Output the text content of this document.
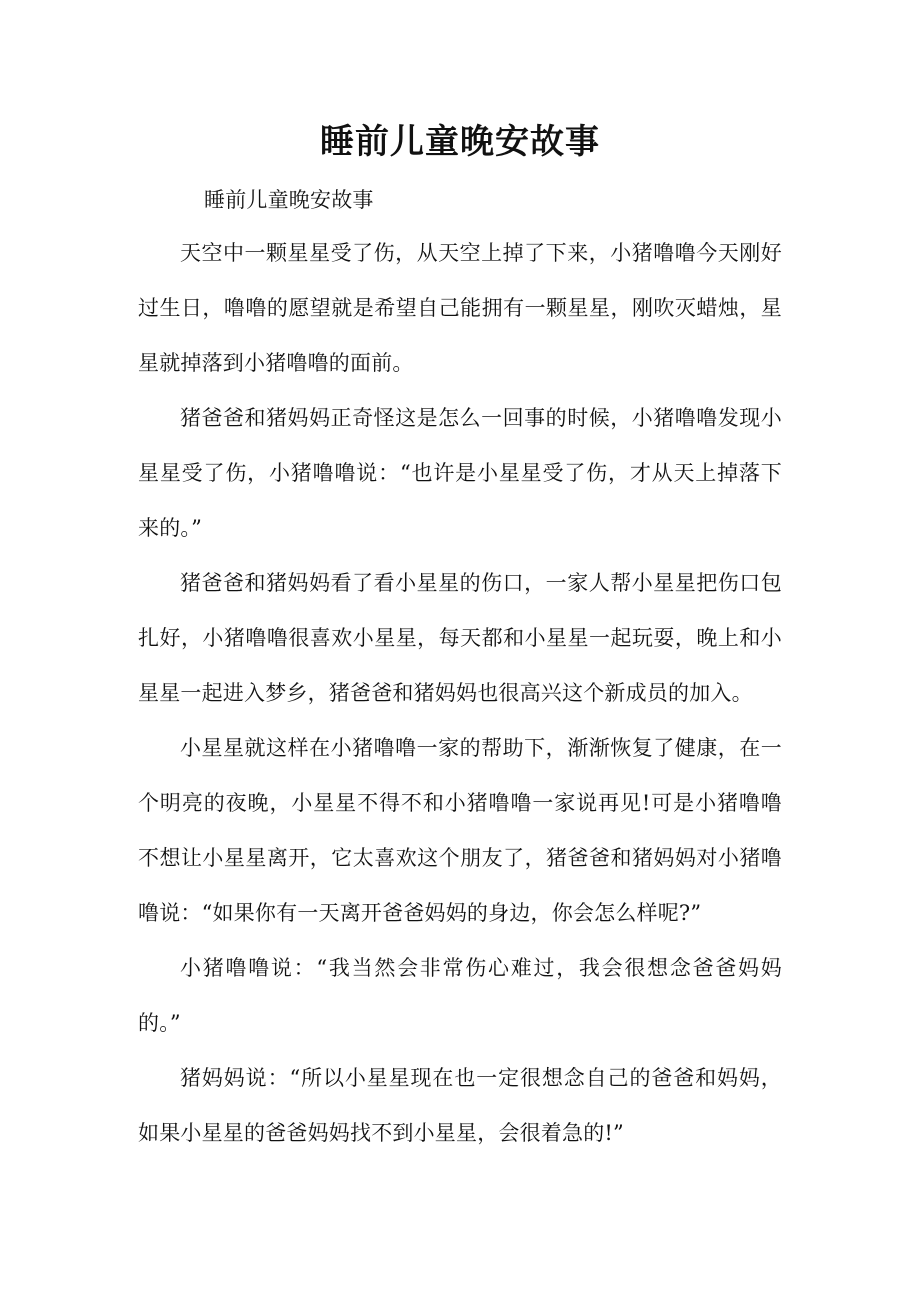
睡前儿童晚安故事

睡前儿童晚安故事

天空中一颗星星受了伤，从天空上掉了下来，小猪噜噜今天刚好过生日，噜噜的愿望就是希望自己能拥有一颗星星，刚吹灭蜡烛，星星就掉落到小猪噜噜的面前。

猪爸爸和猪妈妈正奇怪这是怎么一回事的时候，小猪噜噜发现小星星受了伤，小猪噜噜说：“也许是小星星受了伤，才从天上掉落下来的。”

猪爸爸和猪妈妈看了看小星星的伤口，一家人帮小星星把伤口包扎好，小猪噜噜很喜欢小星星，每天都和小星星一起玩耍，晚上和小星星一起进入梦乡，猪爸爸和猪妈妈也很高兴这个新成员的加入。

小星星就这样在小猪噜噜一家的帮助下，渐渐恢复了健康，在一个明亮的夜晚，小星星不得不和小猪噜噜一家说再见!可是小猪噜噜不想让小星星离开，它太喜欢这个朋友了，猪爸爸和猪妈妈对小猪噜噜说：“如果你有一天离开爸爸妈妈的身边，你会怎么样呢?”

小猪噜噜说：“我当然会非常伤心难过，我会很想念爸爸妈妈的。”

猪妈妈说：“所以小星星现在也一定很想念自己的爸爸和妈妈，如果小星星的爸爸妈妈找不到小星星，会很着急的!”
